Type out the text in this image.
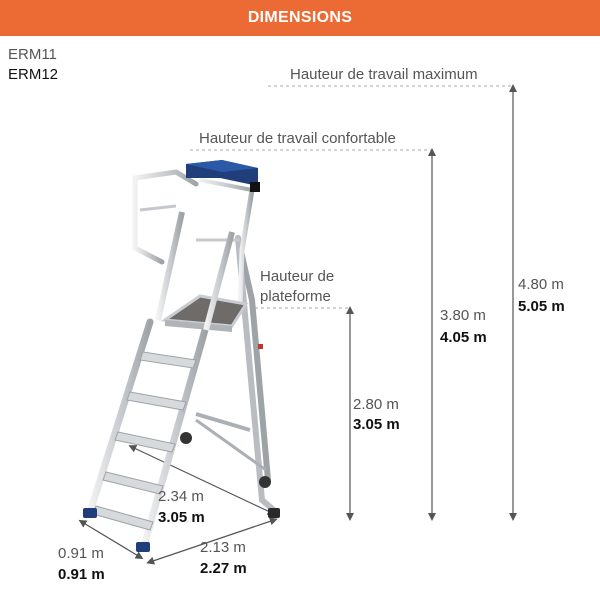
DIMENSIONS
ERM11
ERM12	Hauteur de travail maximum
Hauteur de travail confortable
Hauteur de
plateforme
4.80 m
5.05 m
3.80 m
4.05 m
2.80 m
3.05 m
2.34 m
3.05 m
2.13 m
2.27 m
0.91 m
0.91 m
